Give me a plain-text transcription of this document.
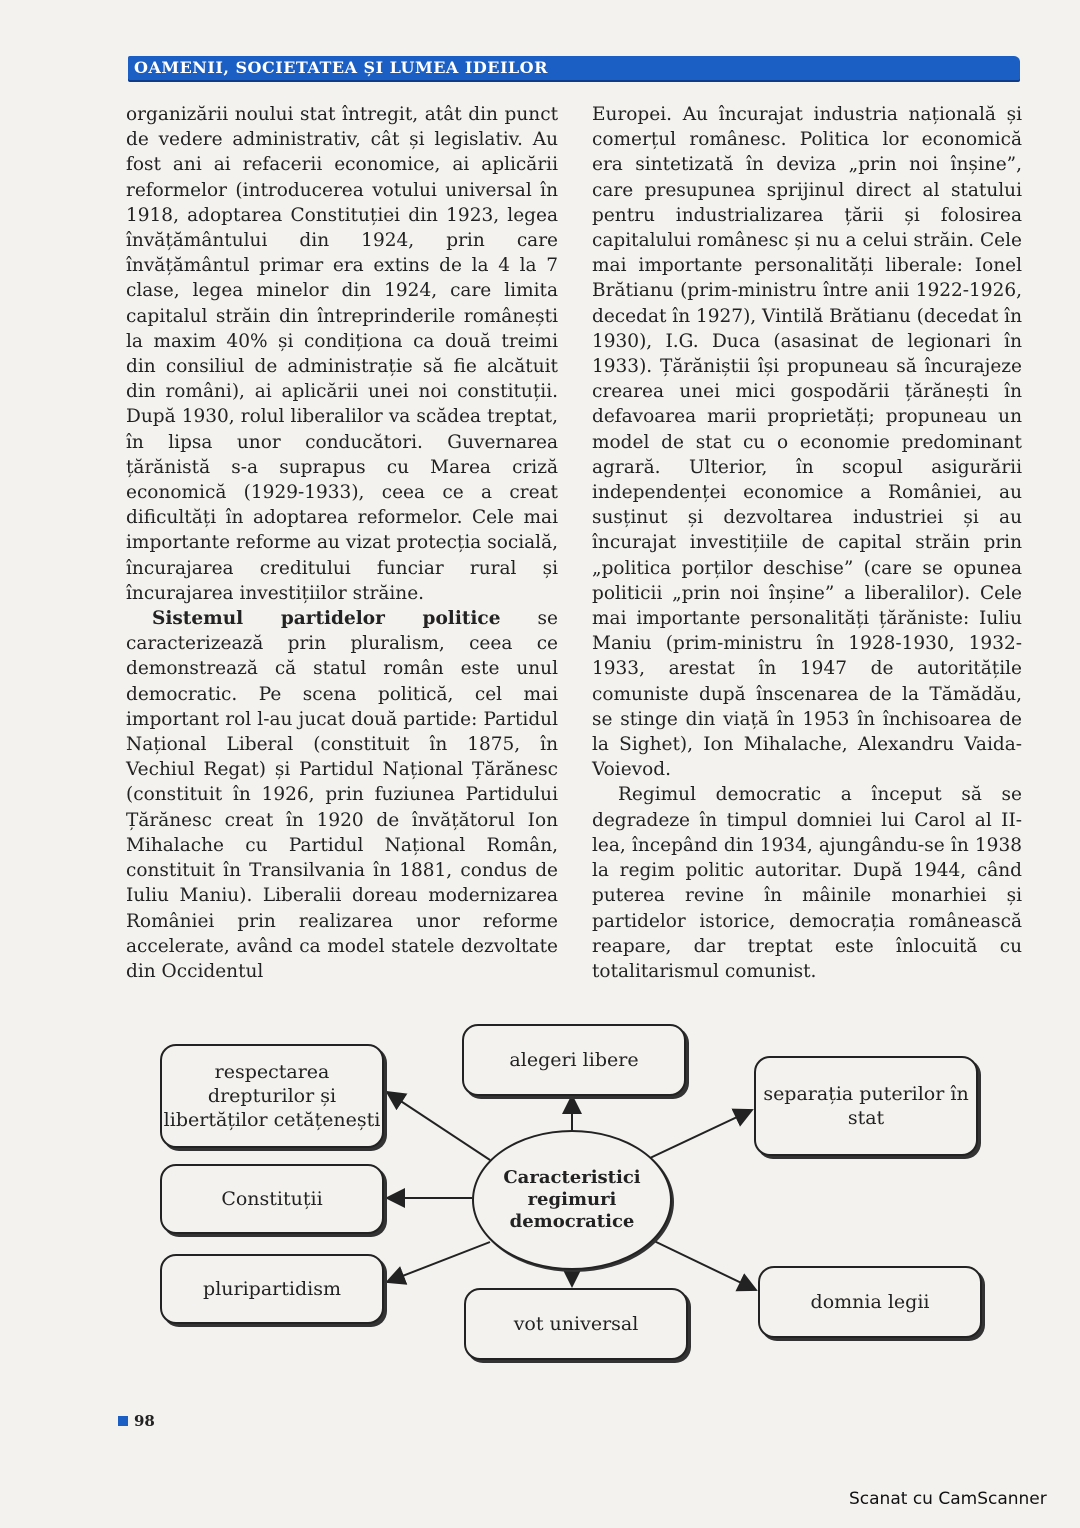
OAMENII, SOCIETATEA ȘI LUMEA IDEILOR

organizării noului stat întregit, atât din punct de vedere administrativ, cât și legislativ. Au fost ani ai refacerii economice, ai aplicării reformelor (introducerea votului universal în 1918, adoptarea Constituției din 1923, legea învățământului din 1924, prin care învățământul primar era extins de la 4 la 7 clase, legea minelor din 1924, care limita capitalul străin din întreprinderile românești la maxim 40% și condiționa ca două treimi din consiliul de administrație să fie alcătuit din români), ai aplicării unei noi constituții. După 1930, rolul liberalilor va scădea treptat, în lipsa unor conducători. Guvernarea țărănistă s-a suprapus cu Marea criză economică (1929-1933), ceea ce a creat dificultăți în adoptarea reformelor. Cele mai importante reforme au vizat protecția socială, încurajarea creditului funciar rural și încurajarea investițiilor străine.

Sistemul partidelor politice se caracterizează prin pluralism, ceea ce demonstrează că statul român este unul democratic. Pe scena politică, cel mai important rol l-au jucat două partide: Partidul Național Liberal (constituit în 1875, în Vechiul Regat) și Partidul Național Țărănesc (constituit în 1926, prin fuziunea Partidului Țărănesc creat în 1920 de învățătorul Ion Mihalache cu Partidul Național Român, constituit în Transilvania în 1881, condus de Iuliu Maniu). Liberalii doreau modernizarea României prin realizarea unor reforme accelerate, având ca model statele dezvoltate din Occidentul

Europei. Au încurajat industria națională și comerțul românesc. Politica lor economică era sintetizată în deviza „prin noi înșine”, care presupunea sprijinul direct al statului pentru industrializarea țării și folosirea capitalului românesc și nu a celui străin. Cele mai importante personalități liberale: Ionel Brătianu (prim-ministru între anii 1922-1926, decedat în 1927), Vintilă Brătianu (decedat în 1930), I.G. Duca (asasinat de legionari în 1933). Țărăniștii își propuneau să încurajeze crearea unei mici gospodării țărănești în defavoarea marii proprietăți; propuneau un model de stat cu o economie predominant agrară. Ulterior, în scopul asigurării independenței economice a României, au susținut și dezvoltarea industriei și au încurajat investițiile de capital străin prin „politica porților deschise” (care se opunea politicii „prin noi înșine” a liberalilor). Cele mai importante personalități țărăniste: Iuliu Maniu (prim-ministru în 1928-1930, 1932-1933, arestat în 1947 de autoritățile comuniste după înscenarea de la Tămădău, se stinge din viață în 1953 în închisoarea de la Sighet), Ion Mihalache, Alexandru Vaida-Voievod.

Regimul democratic a început să se degradeze în timpul domniei lui Carol al II-lea, începând din 1934, ajungându-se în 1938 la regim politic autoritar. După 1944, când puterea revine în mâinile monarhiei și partidelor istorice, democrația românească reapare, dar treptat este înlocuită cu totalitarismul comunist.

respectarea drepturilor și libertăților cetățenești
alegeri libere
separația puterilor în stat
Constituții
pluripartidism
vot universal
domnia legii
Caracteristici regimuri democratice
98
Scanat cu CamScanner
